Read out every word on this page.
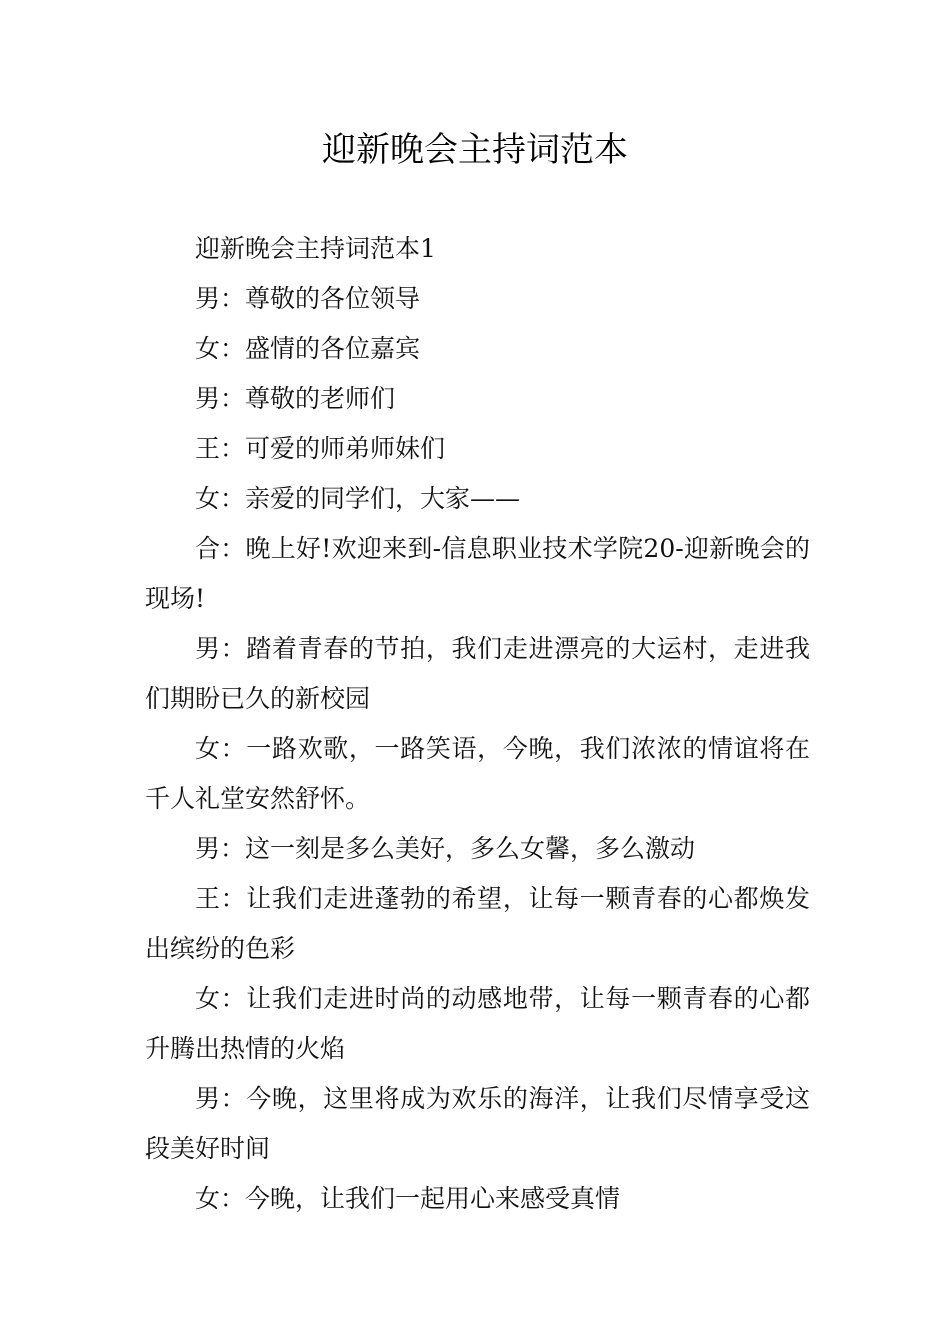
迎新晚会主持词范本

迎新晚会主持词范本1

男：尊敬的各位领导

女：盛情的各位嘉宾

男：尊敬的老师们

王：可爱的师弟师妹们

女：亲爱的同学们，大家——

合：晚上好!欢迎来到-信息职业技术学院20-迎新晚会的现场!

男：踏着青春的节拍，我们走进漂亮的大运村，走进我们期盼已久的新校园

女：一路欢歌，一路笑语，今晚，我们浓浓的情谊将在千人礼堂安然舒怀。

男：这一刻是多么美好，多么女馨，多么激动

王：让我们走进蓬勃的希望，让每一颗青春的心都焕发出缤纷的色彩

女：让我们走进时尚的动感地带，让每一颗青春的心都升腾出热情的火焰

男：今晚，这里将成为欢乐的海洋，让我们尽情享受这段美好时间

女：今晚，让我们一起用心来感受真情
